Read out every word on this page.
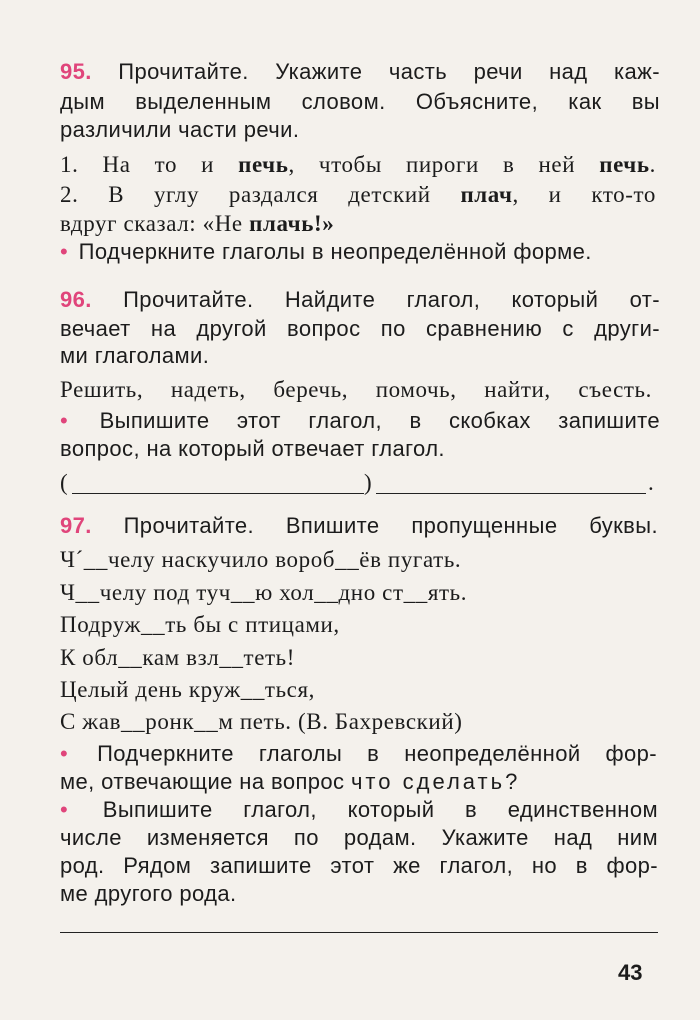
95. Прочитайте. Укажите часть речи над каж-
дым выделенным словом. Объясните, как вы
различили части речи.
1. На то и печь, чтобы пироги в ней печь.
2. В углу раздался детский плач, и кто-то
вдруг сказал: «Не плачь!»
• Подчеркните глаголы в неопределённой форме.
96. Прочитайте. Найдите глагол, который от-
вечает на другой вопрос по сравнению с други-
ми глаголами.
Решить, надеть, беречь, помочь, найти, съесть.
• Выпишите этот глагол, в скобках запишите
вопрос, на который отвечает глагол.
(	)	.
97. Прочитайте. Впишите пропущенные буквы.
Ч´__челу наскучило вороб__ёв пугать.
Ч__челу под туч__ю хол__дно ст__ять.
Подруж__ть бы с птицами,
К обл__кам взл__теть!
Целый день круж__ться,
С жав__ронк__м петь. (В. Бахревский)
• Подчеркните глаголы в неопределённой фор-
ме, отвечающие на вопрос что сделать?
• Выпишите глагол, который в единственном
числе изменяется по родам. Укажите над ним
род. Рядом запишите этот же глагол, но в фор-
ме другого рода.
43
